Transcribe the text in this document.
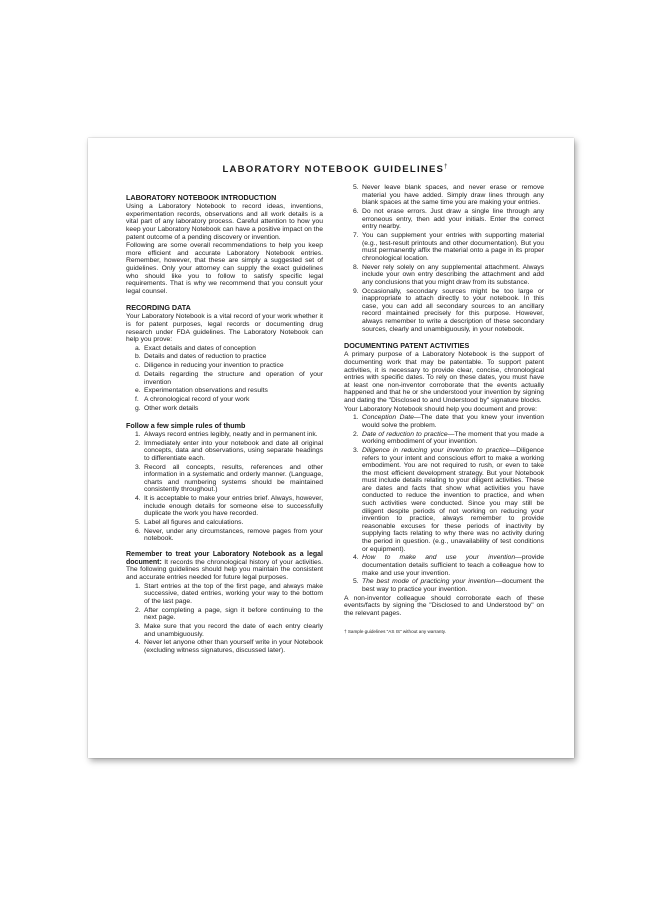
LABORATORY NOTEBOOK GUIDELINES†
LABORATORY NOTEBOOK INTRODUCTION

Using a Laboratory Notebook to record ideas, inventions, experimentation records, observations and all work details is a vital part of any laboratory process. Careful attention to how you keep your Laboratory Notebook can have a positive impact on the patent outcome of a pending discovery or invention.

Following are some overall recommendations to help you keep more efficient and accurate Laboratory Notebook entries. Remember, however, that these are simply a suggested set of guidelines. Only your attorney can supply the exact guidelines who should like you to follow to satisfy specific legal requirements. That is why we recommend that you consult your legal counsel.

RECORDING DATA

Your Laboratory Notebook is a vital record of your work whether it is for patent purposes, legal records or documenting drug research under FDA guidelines. The Laboratory Notebook can help you prove:

a. Exact details and dates of conception
b. Details and dates of reduction to practice
c. Diligence in reducing your invention to practice
d. Details regarding the structure and operation of your invention
e. Experimentation observations and results
f. A chronological record of your work
g. Other work details
Follow a few simple rules of thumb
1. Always record entries legibly, neatly and in permanent ink.
2. Immediately enter into your notebook and date all original concepts, data and observations, using separate headings to differentiate each.
3. Record all concepts, results, references and other information in a systematic and orderly manner. (Language, charts and numbering systems should be maintained consistently throughout.)
4. It is acceptable to make your entries brief. Always, however, include enough details for someone else to successfully duplicate the work you have recorded.
5. Label all figures and calculations.
6. Never, under any circumstances, remove pages from your notebook.

Remember to treat your Laboratory Notebook as a legal document: It records the chronological history of your activities. The following guidelines should help you maintain the consistent and accurate entries needed for future legal purposes.

1. Start entries at the top of the first page, and always make successive, dated entries, working your way to the bottom of the last page.
2. After completing a page, sign it before continuing to the next page.
3. Make sure that you record the date of each entry clearly and unambiguously.
4. Never let anyone other than yourself write in your Notebook (excluding witness signatures, discussed later).
5. Never leave blank spaces, and never erase or remove material you have added. Simply draw lines through any blank spaces at the same time you are making your entries.
6. Do not erase errors. Just draw a single line through any erroneous entry, then add your initials. Enter the correct entry nearby.
7. You can supplement your entries with supporting material (e.g., test-result printouts and other documentation). But you must permanently affix the material onto a page in its proper chronological location.
8. Never rely solely on any supplemental attachment. Always include your own entry describing the attachment and add any conclusions that you might draw from its substance.
9. Occasionally, secondary sources might be too large or inappropriate to attach directly to your notebook. In this case, you can add all secondary sources to an ancillary record maintained precisely for this purpose. However, always remember to write a description of these secondary sources, clearly and unambiguously, in your notebook.
DOCUMENTING PATENT ACTIVITIES

A primary purpose of a Laboratory Notebook is the support of documenting work that may be patentable. To support patent activities, it is necessary to provide clear, concise, chronological entries with specific dates. To rely on these dates, you must have at least one non-inventor corroborate that the events actually happened and that he or she understood your invention by signing and dating the "Disclosed to and Understood by" signature blocks.

Your Laboratory Notebook should help you document and prove:

1. Conception Date—The date that you knew your invention would solve the problem.
2. Date of reduction to practice—The moment that you made a working embodiment of your invention.
3. Diligence in reducing your invention to practice—Diligence refers to your intent and conscious effort to make a working embodiment. You are not required to rush, or even to take the most efficient development strategy. But your Notebook must include details relating to your diligent activities. These are dates and facts that show what activities you have conducted to reduce the invention to practice, and when such activities were conducted. Since you may still be diligent despite periods of not working on reducing your invention to practice, always remember to provide reasonable excuses for these periods of inactivity by supplying facts relating to why there was no activity during the period in question. (e.g., unavailability of test conditions or equipment).
4. How to make and use your invention—provide documentation details sufficient to teach a colleague how to make and use your invention.
5. The best mode of practicing your invention—document the best way to practice your invention.

A non-inventor colleague should corroborate each of these events/facts by signing the "Disclosed to and Understood by" on the relevant pages.

† Sample guidelines "AS IS" without any warranty.
